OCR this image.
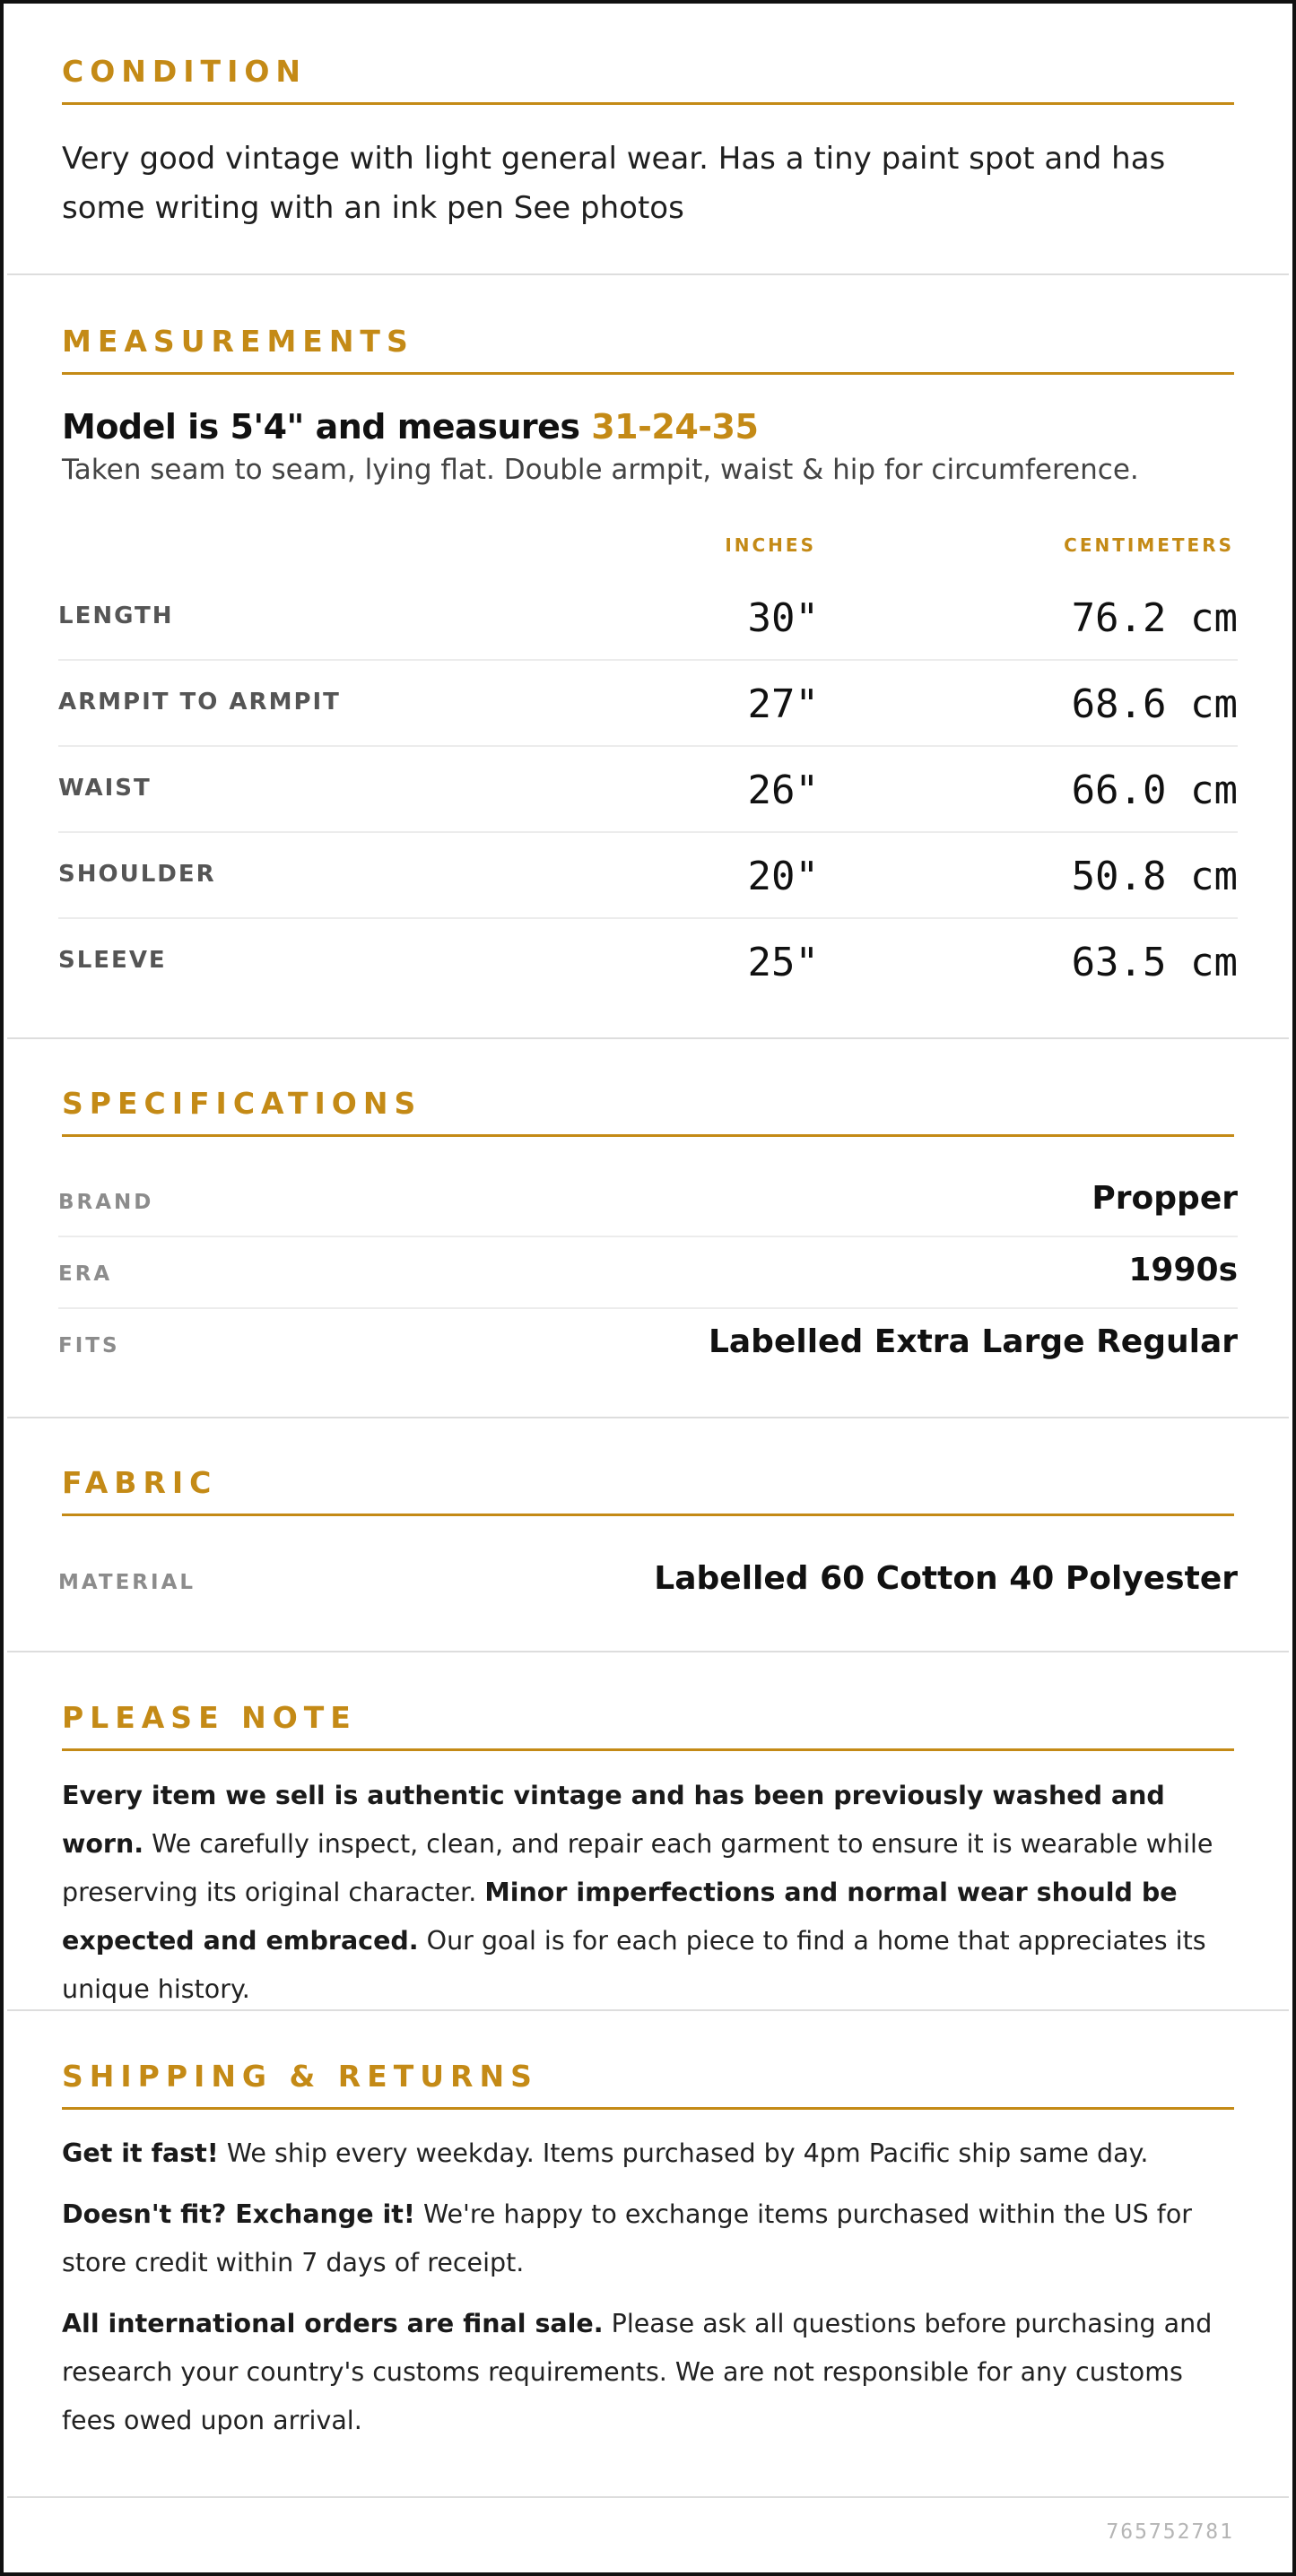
CONDITION
Very good vintage with light general wear. Has a tiny paint spot and has some writing with an ink pen See photos
MEASUREMENTS
Model is 5'4" and measures 31-24-35
Taken seam to seam, lying flat. Double armpit, waist & hip for circumference.
INCHES	CENTIMETERS
LENGTH	30"	76.2 cm
ARMPIT TO ARMPIT	27"	68.6 cm
WAIST	26"	66.0 cm
SHOULDER	20"	50.8 cm
SLEEVE	25"	63.5 cm
SPECIFICATIONS
BRAND	Propper
ERA	1990s
FITS	Labelled Extra Large Regular
FABRIC
MATERIAL	Labelled 60 Cotton 40 Polyester
PLEASE NOTE
Every item we sell is authentic vintage and has been previously washed and worn. We carefully inspect, clean, and repair each garment to ensure it is wearable while preserving its original character. Minor imperfections and normal wear should be expected and embraced. Our goal is for each piece to find a home that appreciates its unique history.
SHIPPING & RETURNS
Get it fast! We ship every weekday. Items purchased by 4pm Pacific ship same day.
Doesn't fit? Exchange it! We're happy to exchange items purchased within the US for store credit within 7 days of receipt.
All international orders are final sale. Please ask all questions before purchasing and research your country's customs requirements. We are not responsible for any customs fees owed upon arrival.
765752781
